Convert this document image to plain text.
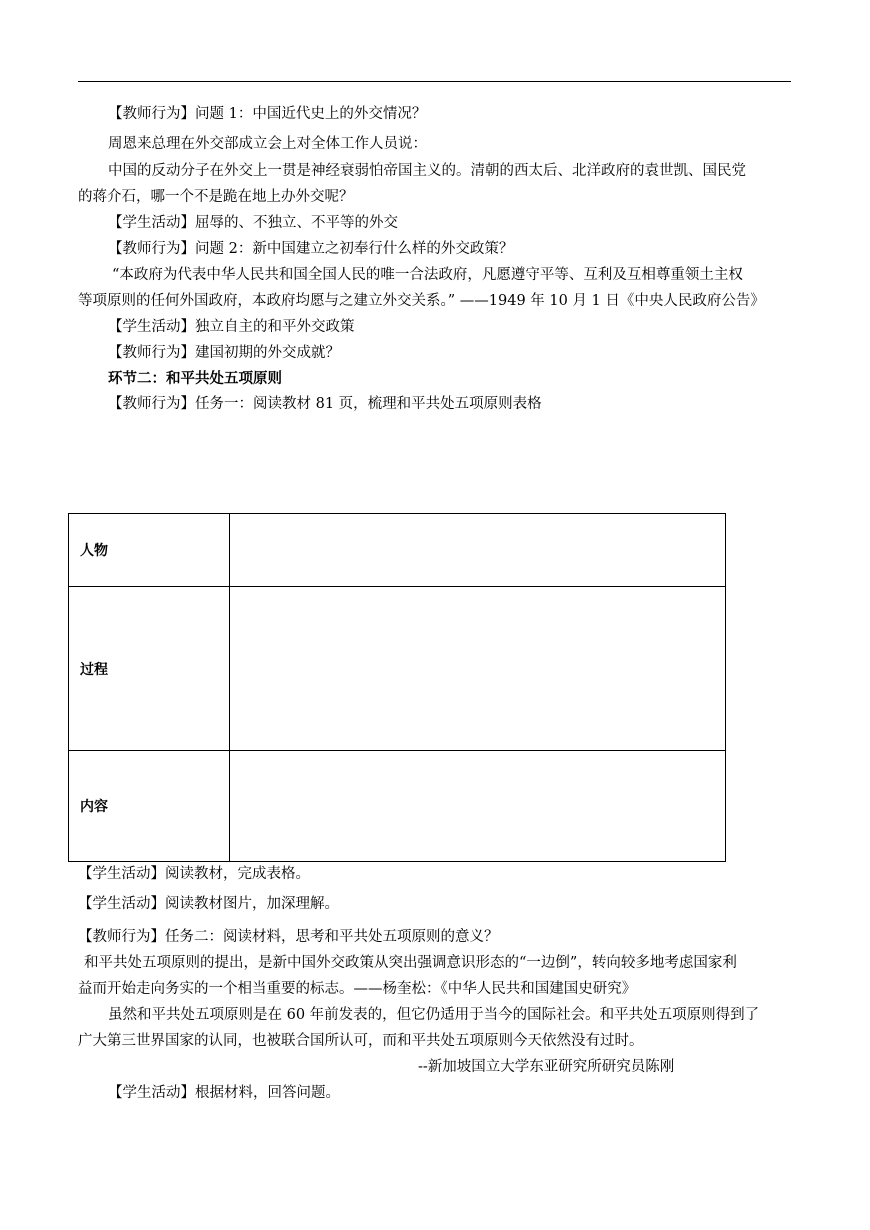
【教师行为】问题 1：中国近代史上的外交情况？
周恩来总理在外交部成立会上对全体工作人员说：
中国的反动分子在外交上一贯是神经衰弱怕帝国主义的。清朝的西太后、北洋政府的袁世凯、国民党
的蒋介石，哪一个不是跪在地上办外交呢？
【学生活动】屈辱的、不独立、不平等的外交
【教师行为】问题 2：新中国建立之初奉行什么样的外交政策？
“本政府为代表中华人民共和国全国人民的唯一合法政府，凡愿遵守平等、互利及互相尊重领土主权
等项原则的任何外国政府，本政府均愿与之建立外交关系。” ——1949 年 10 月 1 日《中央人民政府公告》
【学生活动】独立自主的和平外交政策
【教师行为】建国初期的外交成就？
环节二：和平共处五项原则
【教师行为】任务一：阅读教材 81 页，梳理和平共处五项原则表格
人物	
过程	
内容	
【学生活动】阅读教材，完成表格。
【学生活动】阅读教材图片，加深理解。
【教师行为】任务二：阅读材料，思考和平共处五项原则的意义？
和平共处五项原则的提出，是新中国外交政策从突出强调意识形态的“一边倒”，转向较多地考虑国家利
益而开始走向务实的一个相当重要的标志。——杨奎松：《中华人民共和国建国史研究》
虽然和平共处五项原则是在 60 年前发表的，但它仍适用于当今的国际社会。和平共处五项原则得到了
广大第三世界国家的认同，也被联合国所认可，而和平共处五项原则今天依然没有过时。
--新加坡国立大学东亚研究所研究员陈刚
【学生活动】根据材料，回答问题。
